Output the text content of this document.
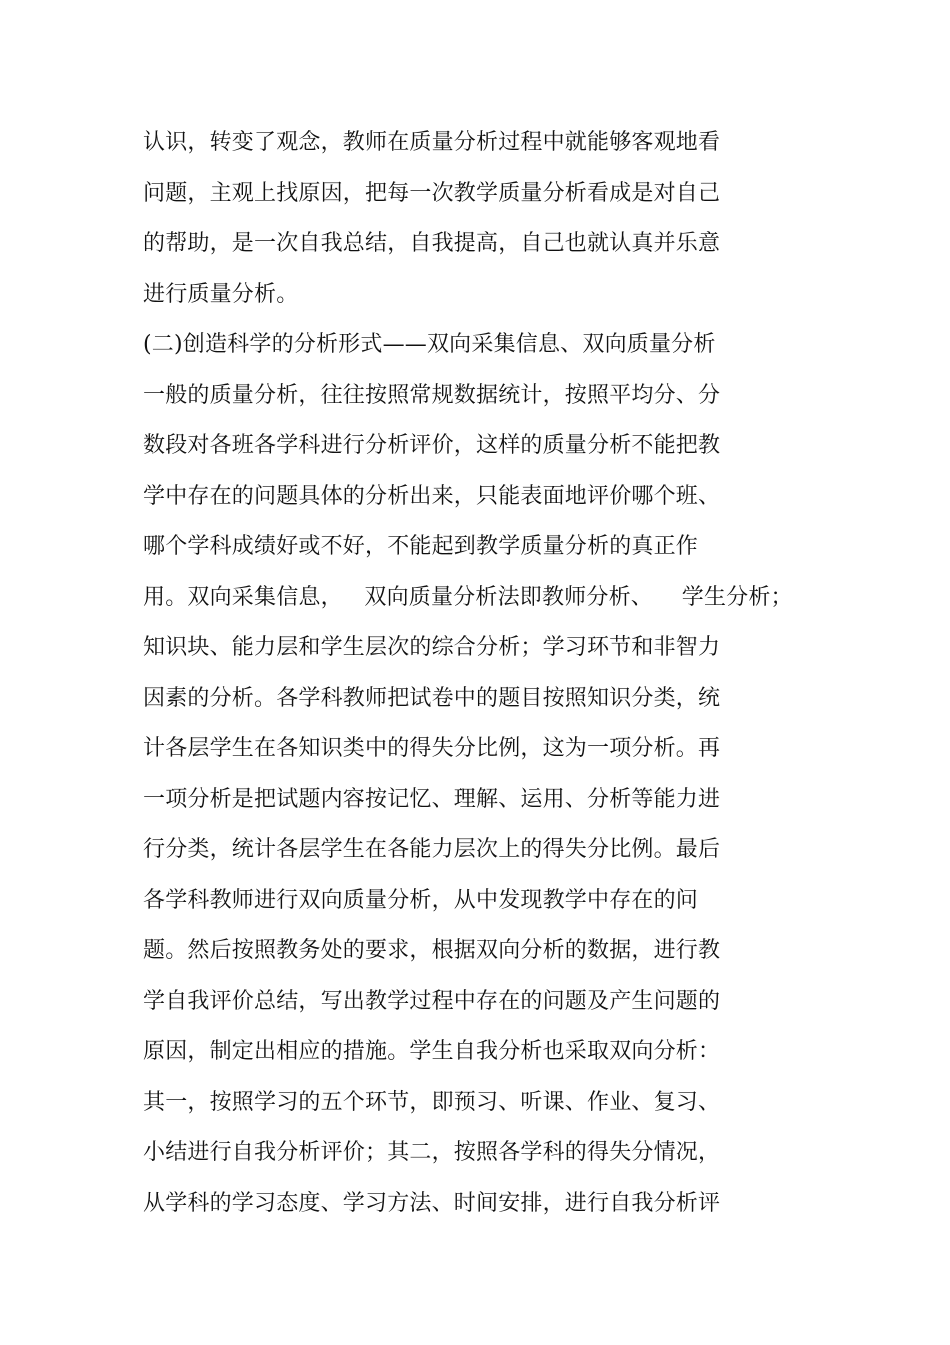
认识，转变了观念，教师在质量分析过程中就能够客观地看
问题，主观上找原因，把每一次教学质量分析看成是对自己
的帮助，是一次自我总结，自我提高，自己也就认真并乐意
进行质量分析。
(二)创造科学的分析形式——双向采集信息、双向质量分析
一般的质量分析，往往按照常规数据统计，按照平均分、分
数段对各班各学科进行分析评价，这样的质量分析不能把教
学中存在的问题具体的分析出来，只能表面地评价哪个班、
哪个学科成绩好或不好，不能起到教学质量分析的真正作
用。双向采集信息，   双向质量分析法即教师分析、    学生分析；
知识块、能力层和学生层次的综合分析；学习环节和非智力
因素的分析。各学科教师把试卷中的题目按照知识分类，统
计各层学生在各知识类中的得失分比例，这为一项分析。再
一项分析是把试题内容按记忆、理解、运用、分析等能力进
行分类，统计各层学生在各能力层次上的得失分比例。最后
各学科教师进行双向质量分析，从中发现教学中存在的问
题。然后按照教务处的要求，根据双向分析的数据，进行教
学自我评价总结，写出教学过程中存在的问题及产生问题的
原因，制定出相应的措施。学生自我分析也采取双向分析：
其一，按照学习的五个环节，即预习、听课、作业、复习、
小结进行自我分析评价；其二，按照各学科的得失分情况，
从学科的学习态度、学习方法、时间安排，进行自我分析评
